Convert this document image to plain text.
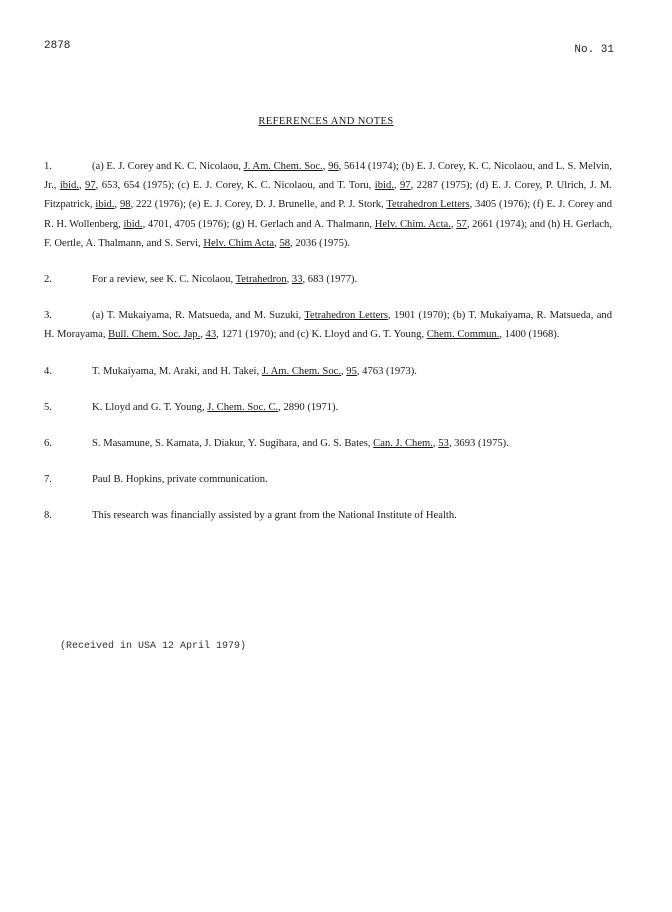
2878	No. 31
REFERENCES AND NOTES

1.	(a) E. J. Corey and K. C. Nicolaou, J. Am. Chem. Soc., 96, 5614 (1974); (b) E. J. Corey, K. C. Nicolaou, and L. S. Melvin, Jr., ibid., 97, 653, 654 (1975); (c) E. J. Corey, K. C. Nicolaou, and T. Toru, ibid., 97, 2287 (1975); (d) E. J. Corey, P. Ulrich, J. M. Fitzpatrick, ibid., 98, 222 (1976); (e) E. J. Corey, D. J. Brunelle, and P. J. Stork, Tetrahedron Letters, 3405 (1976); (f) E. J. Corey and R. H. Wollenberg, ibid., 4701, 4705 (1976); (g) H. Gerlach and A. Thalmann, Helv. Chim. Acta., 57, 2661 (1974); and (h) H. Gerlach, F. Oertle, A. Thalmann, and S. Servi, Helv. Chim Acta, 58, 2036 (1975).

2.	For a review, see K. C. Nicolaou, Tetrahedron, 33, 683 (1977).

3.	(a) T. Mukaiyama, R. Matsueda, and M. Suzuki, Tetrahedron Letters, 1901 (1970); (b) T. Mukaiyama, R. Matsueda, and H. Morayama, Bull. Chem. Soc. Jap., 43, 1271 (1970); and (c) K. Lloyd and G. T. Young, Chem. Commun., 1400 (1968).

4.	T. Mukaiyama, M. Araki, and H. Takei, J. Am. Chem. Soc., 95, 4763 (1973).

5.	K. Lloyd and G. T. Young, J. Chem. Soc. C., 2890 (1971).

6.	S. Masamune, S. Kamata, J. Diakur, Y. Sugihara, and G. S. Bates, Can. J. Chem., 53, 3693 (1975).

7.	Paul B. Hopkins, private communication.

8.	This research was financially assisted by a grant from the National Institute of Health.

(Received in USA 12 April 1979)
